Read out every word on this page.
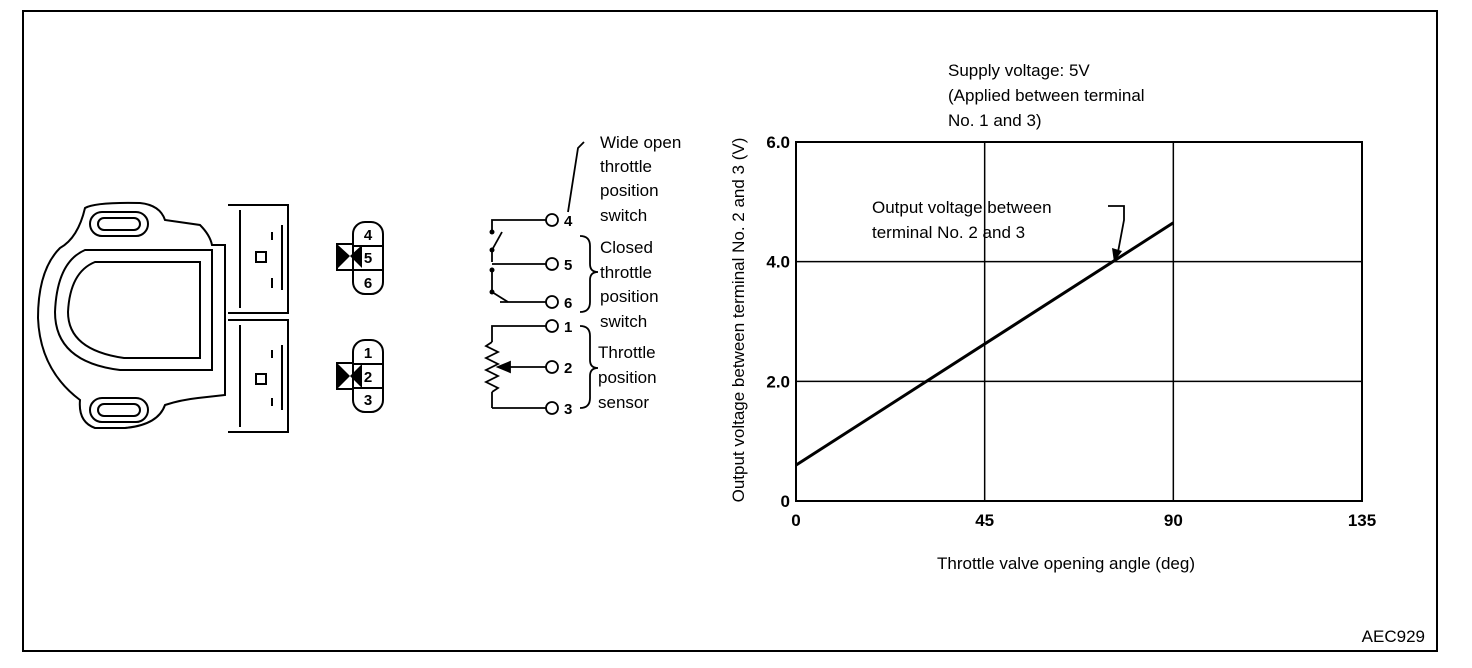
4
5
6
1
2
3
4
5
6
1
2
3
Wide open
throttle
position
switch
Closed
throttle
position
switch
Throttle
position
sensor
Supply voltage: 5V
(Applied between terminal
No. 1 and 3)
0	45	90	135
0
2.0
4.0
6.0
Throttle valve opening angle (deg)
Output voltage between terminal No. 2 and 3 (V)	Output voltage between
terminal No. 2 and 3
AEC929
